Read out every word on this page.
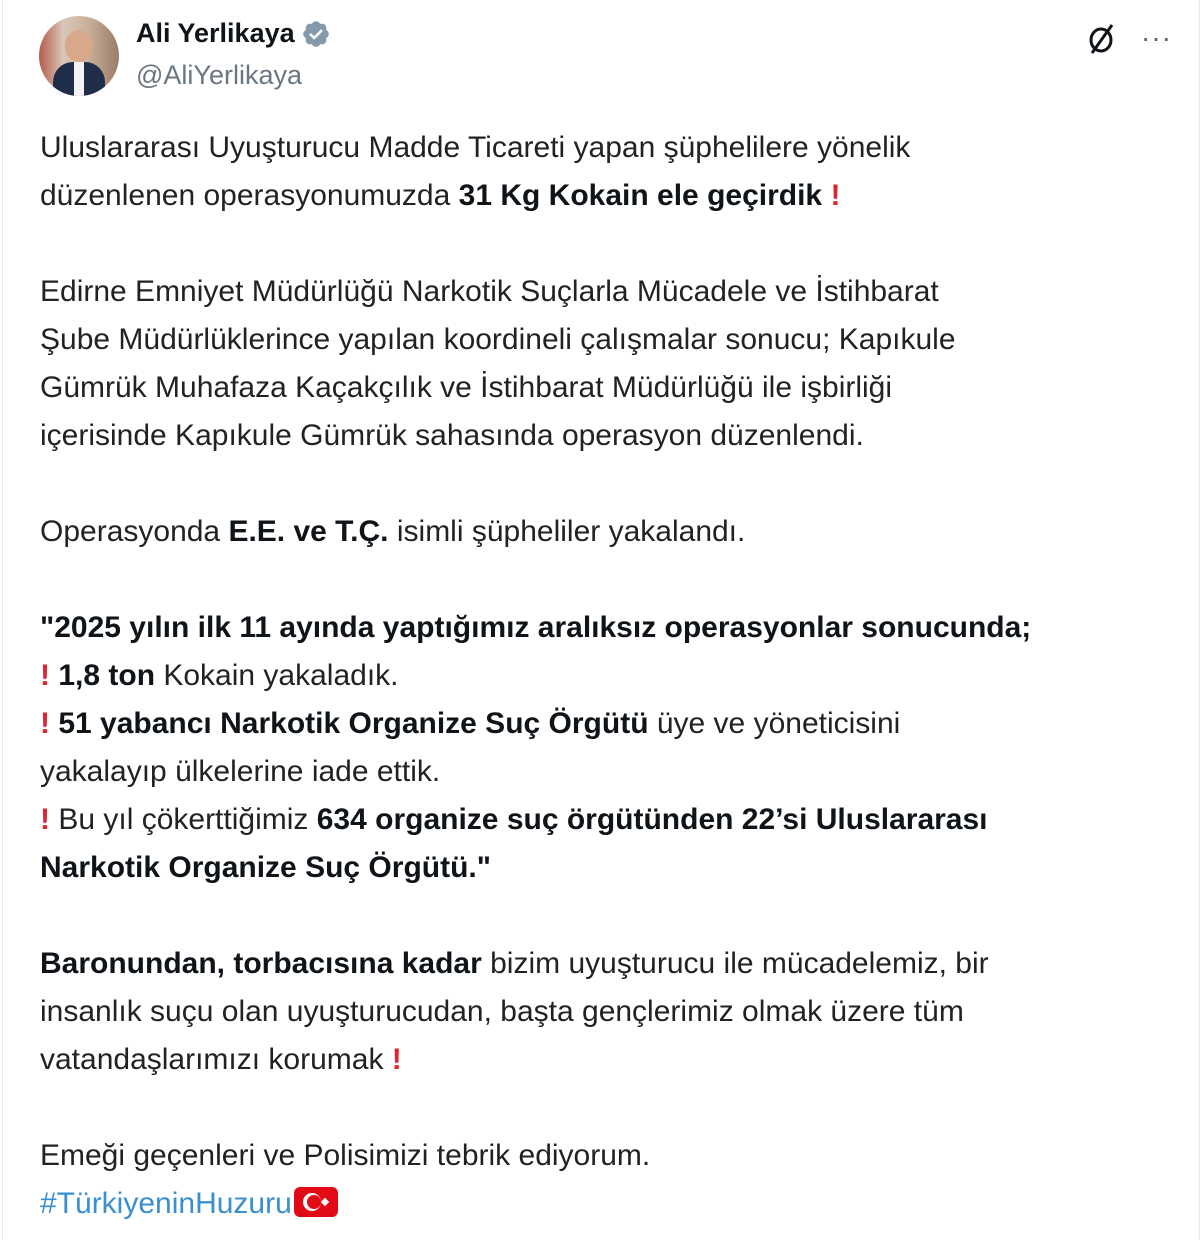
Ali Yerlikaya
@AliYerlikaya
···
Uluslararası Uyuşturucu Madde Ticareti yapan şüphelilere yönelik
düzenlenen operasyonumuzda 31 Kg Kokain ele geçirdik !
Edirne Emniyet Müdürlüğü Narkotik Suçlarla Mücadele ve İstihbarat
Şube Müdürlüklerince yapılan koordineli çalışmalar sonucu; Kapıkule
Gümrük Muhafaza Kaçakçılık ve İstihbarat Müdürlüğü ile işbirliği
içerisinde Kapıkule Gümrük sahasında operasyon düzenlendi.
Operasyonda E.E. ve T.Ç. isimli şüpheliler yakalandı.
"2025 yılın ilk 11 ayında yaptığımız aralıksız operasyonlar sonucunda;
! 1,8 ton Kokain yakaladık.
! 51 yabancı Narkotik Organize Suç Örgütü üye ve yöneticisini
yakalayıp ülkelerine iade ettik.
! Bu yıl çökerttiğimiz 634 organize suç örgütünden 22’si Uluslararası
Narkotik Organize Suç Örgütü."
Baronundan, torbacısına kadar bizim uyuşturucu ile mücadelemiz, bir
insanlık suçu olan uyuşturucudan, başta gençlerimiz olmak üzere tüm
vatandaşlarımızı korumak !
Emeği geçenleri ve Polisimizi tebrik ediyorum.
#TürkiyeninHuzuru
